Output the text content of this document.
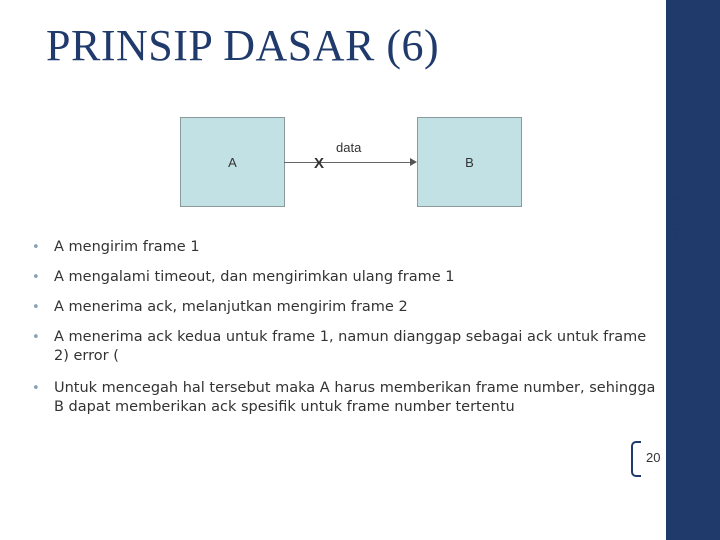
9/10/2020
PRINSIP DASAR (6)
A	X
data
B
• A mengirim frame 1
• A mengalami timeout, dan mengirimkan ulang frame 1
• A menerima ack, melanjutkan mengirim frame 2
• A menerima ack kedua untuk frame 1, namun dianggap sebagai ack untuk frame 2) error (
• Untuk mencegah hal tersebut maka A harus memberikan frame number, sehingga B dapat memberikan ack spesifik untuk frame number tertentu
20
